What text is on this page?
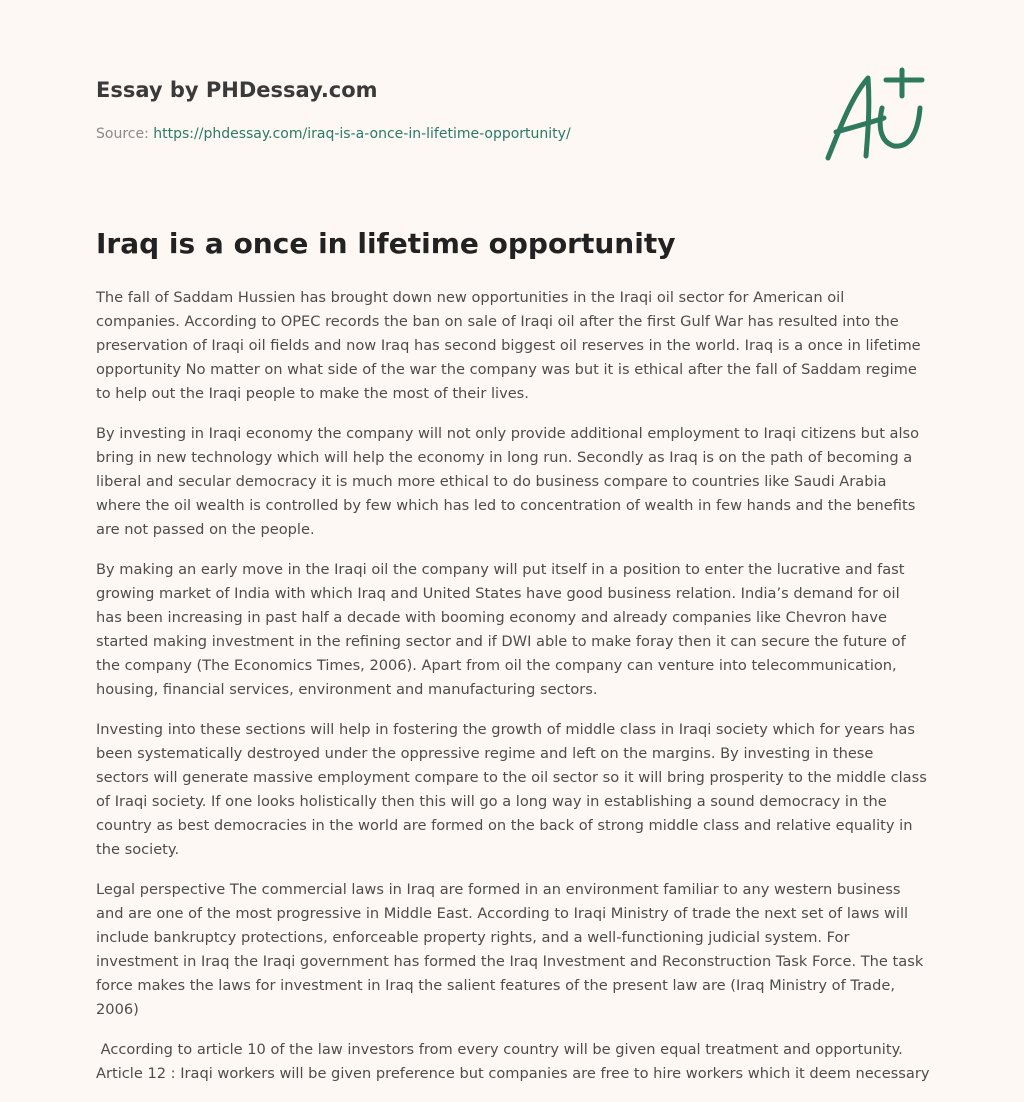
Essay by PHDessay.com
Source: https://phdessay.com/iraq-is-a-once-in-lifetime-opportunity/
Iraq is a once in lifetime opportunity

The fall of Saddam Hussien has brought down new opportunities in the Iraqi oil sector for American oil companies. According to OPEC records the ban on sale of Iraqi oil after the first Gulf War has resulted into the preservation of Iraqi oil fields and now Iraq has second biggest oil reserves in the world. Iraq is a once in lifetime opportunity No matter on what side of the war the company was but it is ethical after the fall of Saddam regime to help out the Iraqi people to make the most of their lives.

By investing in Iraqi economy the company will not only provide additional employment to Iraqi citizens but also bring in new technology which will help the economy in long run. Secondly as Iraq is on the path of becoming a liberal and secular democracy it is much more ethical to do business compare to countries like Saudi Arabia where the oil wealth is controlled by few which has led to concentration of wealth in few hands and the benefits are not passed on the people.

By making an early move in the Iraqi oil the company will put itself in a position to enter the lucrative and fast growing market of India with which Iraq and United States have good business relation. India’s demand for oil has been increasing in past half a decade with booming economy and already companies like Chevron have started making investment in the refining sector and if DWI able to make foray then it can secure the future of the company (The Economics Times, 2006). Apart from oil the company can venture into telecommunication, housing, financial services, environment and manufacturing sectors.

Investing into these sections will help in fostering the growth of middle class in Iraqi society which for years has been systematically destroyed under the oppressive regime and left on the margins. By investing in these sectors will generate massive employment compare to the oil sector so it will bring prosperity to the middle class of Iraqi society. If one looks holistically then this will go a long way in establishing a sound democracy in the country as best democracies in the world are formed on the back of strong middle class and relative equality in the society.

Legal perspective The commercial laws in Iraq are formed in an environment familiar to any western business and are one of the most progressive in Middle East. According to Iraqi Ministry of trade the next set of laws will include bankruptcy protections, enforceable property rights, and a well-functioning judicial system. For investment in Iraq the Iraqi government has formed the Iraq Investment and Reconstruction Task Force. The task force makes the laws for investment in Iraq the salient features of the present law are (Iraq Ministry of Trade, 2006)

According to article 10 of the law investors from every country will be given equal treatment and opportunity. Article 12 : Iraqi workers will be given preference but companies are free to hire workers which it deem necessary
